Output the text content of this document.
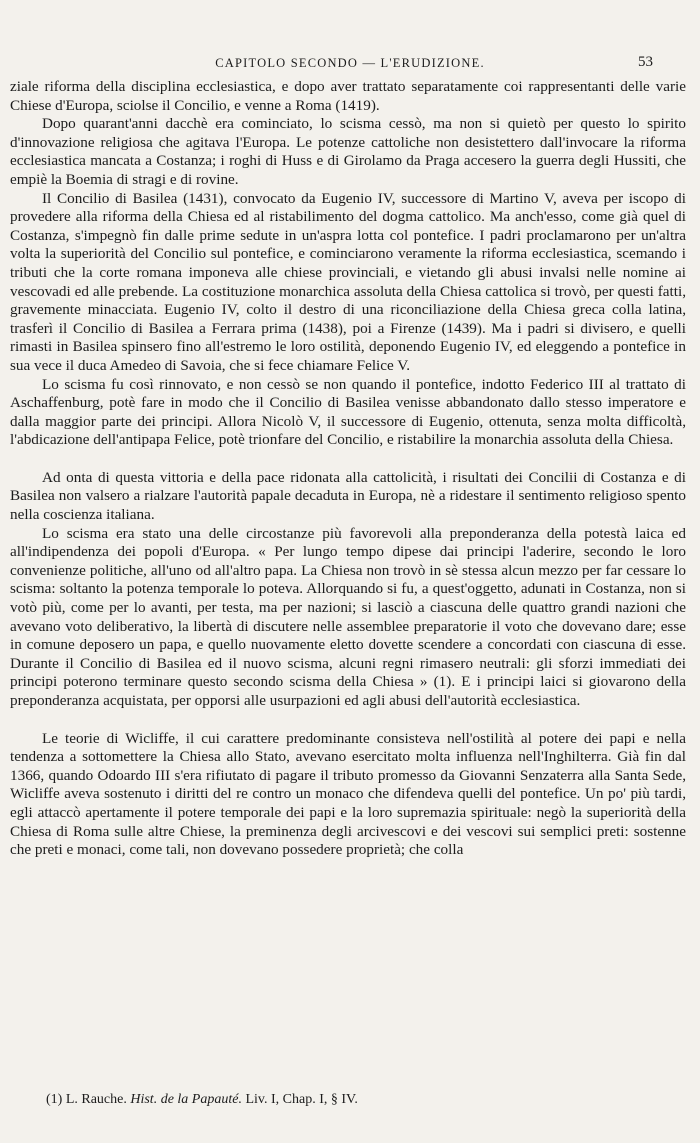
CAPITOLO SECONDO — L'ERUDIZIONE.	53

ziale riforma della disciplina ecclesiastica, e dopo aver trattato separatamente coi rappresentanti delle varie Chiese d'Europa, sciolse il Concilio, e venne a Roma (1419).

Dopo quarant'anni dacchè era cominciato, lo scisma cessò, ma non si quietò per questo lo spirito d'innovazione religiosa che agitava l'Europa. Le potenze cattoliche non desistettero dall'invocare la riforma ecclesiastica mancata a Costanza; i roghi di Huss e di Girolamo da Praga accesero la guerra degli Hussiti, che empiè la Boemia di stragi e di rovine.

Il Concilio di Basilea (1431), convocato da Eugenio IV, successore di Martino V, aveva per iscopo di provedere alla riforma della Chiesa ed al ristabilimento del dogma cattolico. Ma anch'esso, come già quel di Costanza, s'impegnò fin dalle prime sedute in un'aspra lotta col pontefice. I padri proclamarono per un'altra volta la superiorità del Concilio sul pontefice, e cominciarono veramente la riforma ecclesiastica, scemando i tributi che la corte romana imponeva alle chiese provinciali, e vietando gli abusi invalsi nelle nomine ai vescovadi ed alle prebende. La costituzione monarchica assoluta della Chiesa cattolica si trovò, per questi fatti, gravemente minacciata. Eugenio IV, colto il destro di una riconciliazione della Chiesa greca colla latina, trasferì il Concilio di Basilea a Ferrara prima (1438), poi a Firenze (1439). Ma i padri si divisero, e quelli rimasti in Basilea spinsero fino all'estremo le loro ostilità, deponendo Eugenio IV, ed eleggendo a pontefice in sua vece il duca Amedeo di Savoia, che si fece chiamare Felice V.

Lo scisma fu così rinnovato, e non cessò se non quando il pontefice, indotto Federico III al trattato di Aschaffenburg, potè fare in modo che il Concilio di Basilea venisse abbandonato dallo stesso imperatore e dalla maggior parte dei principi. Allora Nicolò V, il successore di Eugenio, ottenuta, senza molta difficoltà, l'abdicazione dell'antipapa Felice, potè trionfare del Concilio, e ristabilire la monarchia assoluta della Chiesa.

Ad onta di questa vittoria e della pace ridonata alla cattolicità, i risultati dei Concilii di Costanza e di Basilea non valsero a rialzare l'autorità papale decaduta in Europa, nè a ridestare il sentimento religioso spento nella coscienza italiana.

Lo scisma era stato una delle circostanze più favorevoli alla preponderanza della potestà laica ed all'indipendenza dei popoli d'Europa. « Per lungo tempo dipese dai principi l'aderire, secondo le loro convenienze politiche, all'uno od all'altro papa. La Chiesa non trovò in sè stessa alcun mezzo per far cessare lo scisma: soltanto la potenza temporale lo poteva. Allorquando si fu, a quest'oggetto, adunati in Costanza, non si votò più, come per lo avanti, per testa, ma per nazioni; si lasciò a ciascuna delle quattro grandi nazioni che avevano voto deliberativo, la libertà di discutere nelle assemblee preparatorie il voto che dovevano dare; esse in comune deposero un papa, e quello nuovamente eletto dovette scendere a concordati con ciascuna di esse. Durante il Concilio di Basilea ed il nuovo scisma, alcuni regni rimasero neutrali: gli sforzi immediati dei principi poterono terminare questo secondo scisma della Chiesa » (1). E i principi laici si giovarono della preponderanza acquistata, per opporsi alle usurpazioni ed agli abusi dell'autorità ecclesiastica.

Le teorie di Wicliffe, il cui carattere predominante consisteva nell'ostilità al potere dei papi e nella tendenza a sottomettere la Chiesa allo Stato, avevano esercitato molta influenza nell'Inghilterra. Già fin dal 1366, quando Odoardo III s'era rifiutato di pagare il tributo promesso da Giovanni Senzaterra alla Santa Sede, Wicliffe aveva sostenuto i diritti del re contro un monaco che difendeva quelli del pontefice. Un po' più tardi, egli attaccò apertamente il potere temporale dei papi e la loro supremazia spirituale: negò la superiorità della Chiesa di Roma sulle altre Chiese, la preminenza degli arcivescovi e dei vescovi sui semplici preti: sostenne che preti e monaci, come tali, non dovevano possedere proprietà; che colla

(1) L. Rauche. Hist. de la Papauté. Liv. I, Chap. I, § IV.
